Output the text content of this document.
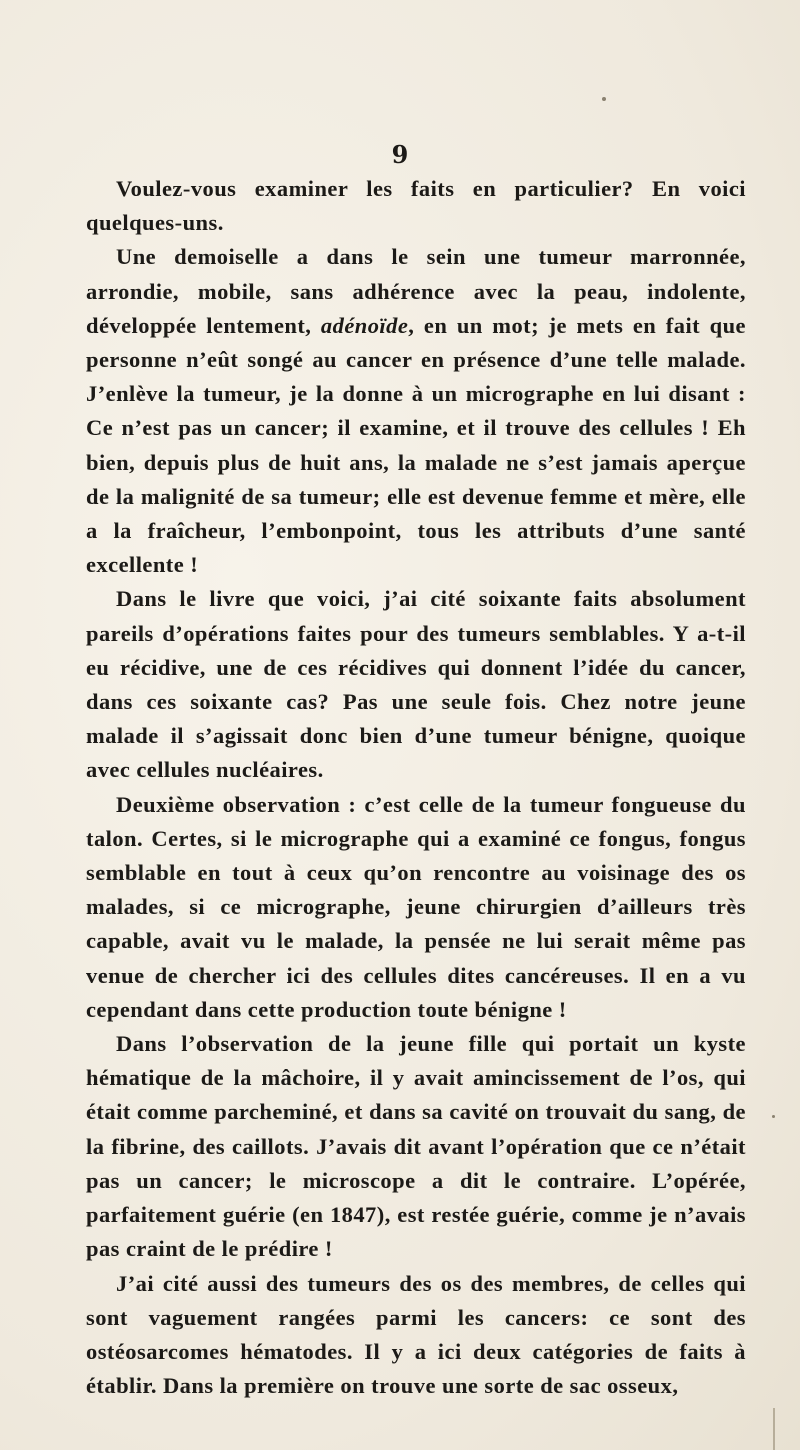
9

Voulez-vous examiner les faits en particulier? En voici quelques-uns.

Une demoiselle a dans le sein une tumeur marronnée, arrondie, mobile, sans adhérence avec la peau, indolente, développée lentement, adénoïde, en un mot; je mets en fait que personne n’eût songé au cancer en présence d’une telle malade. J’enlève la tumeur, je la donne à un micrographe en lui disant : Ce n’est pas un cancer; il examine, et il trouve des cellules ! Eh bien, depuis plus de huit ans, la malade ne s’est jamais aperçue de la malignité de sa tumeur; elle est devenue femme et mère, elle a la fraîcheur, l’embonpoint, tous les attributs d’une santé excellente !

Dans le livre que voici, j’ai cité soixante faits absolument pareils d’opérations faites pour des tumeurs semblables. Y a-t-il eu récidive, une de ces récidives qui donnent l’idée du cancer, dans ces soixante cas? Pas une seule fois. Chez notre jeune malade il s’agissait donc bien d’une tumeur bénigne, quoique avec cellules nucléaires.

Deuxième observation : c’est celle de la tumeur fongueuse du talon. Certes, si le micrographe qui a examiné ce fongus, fongus semblable en tout à ceux qu’on rencontre au voisinage des os malades, si ce micrographe, jeune chirurgien d’ailleurs très capable, avait vu le malade, la pensée ne lui serait même pas venue de chercher ici des cellules dites cancéreuses. Il en a vu cependant dans cette production toute bénigne !

Dans l’observation de la jeune fille qui portait un kyste hématique de la mâchoire, il y avait amincissement de l’os, qui était comme parcheminé, et dans sa cavité on trouvait du sang, de la fibrine, des caillots. J’avais dit avant l’opération que ce n’était pas un cancer; le microscope a dit le contraire. L’opérée, parfaitement guérie (en 1847), est restée guérie, comme je n’avais pas craint de le prédire !

J’ai cité aussi des tumeurs des os des membres, de celles qui sont vaguement rangées parmi les cancers: ce sont des ostéosarcomes hématodes. Il y a ici deux catégories de faits à établir. Dans la première on trouve une sorte de sac osseux,
